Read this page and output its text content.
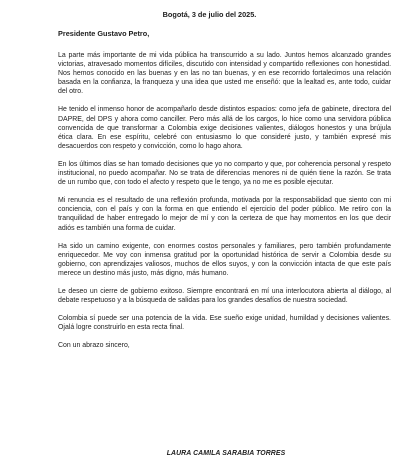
Bogotá, 3 de julio del 2025.
Presidente Gustavo Petro,

La parte más importante de mi vida pública ha transcurrido a su lado. Juntos hemos alcanzado grandes victorias, atravesado momentos difíciles, discutido con intensidad y compartido reflexiones con honestidad. Nos hemos conocido en las buenas y en las no tan buenas, y en ese recorrido fortalecimos una relación basada en la confianza, la franqueza y una idea que usted me enseñó: que la lealtad es, ante todo, cuidar del otro.

He tenido el inmenso honor de acompañarlo desde distintos espacios: como jefa de gabinete, directora del DAPRE, del DPS y ahora como canciller. Pero más allá de los cargos, lo hice como una servidora pública convencida de que transformar a Colombia exige decisiones valientes, diálogos honestos y una brújula ética clara. En ese espíritu, celebré con entusiasmo lo que consideré justo, y también expresé mis desacuerdos con respeto y convicción, como lo hago ahora.

En los últimos días se han tomado decisiones que yo no comparto y que, por coherencia personal y respeto institucional, no puedo acompañar. No se trata de diferencias menores ni de quién tiene la razón. Se trata de un rumbo que, con todo el afecto y respeto que le tengo, ya no me es posible ejecutar.

Mi renuncia es el resultado de una reflexión profunda, motivada por la responsabilidad que siento con mi conciencia, con el país y con la forma en que entiendo el ejercicio del poder público. Me retiro con la tranquilidad de haber entregado lo mejor de mí y con la certeza de que hay momentos en los que decir adiós es también una forma de cuidar.

Ha sido un camino exigente, con enormes costos personales y familiares, pero también profundamente enriquecedor. Me voy con inmensa gratitud por la oportunidad histórica de servir a Colombia desde su gobierno, con aprendizajes valiosos, muchos de ellos suyos, y con la convicción intacta de que este país merece un destino más justo, más digno, más humano.

Le deseo un cierre de gobierno exitoso. Siempre encontrará en mí una interlocutora abierta al diálogo, al debate respetuoso y a la búsqueda de salidas para los grandes desafíos de nuestra sociedad.

Colombia sí puede ser una potencia de la vida. Ese sueño exige unidad, humildad y decisiones valientes. Ojalá logre construirlo en esta recta final.

Con un abrazo sincero,
LAURA CAMILA SARABIA TORRES
